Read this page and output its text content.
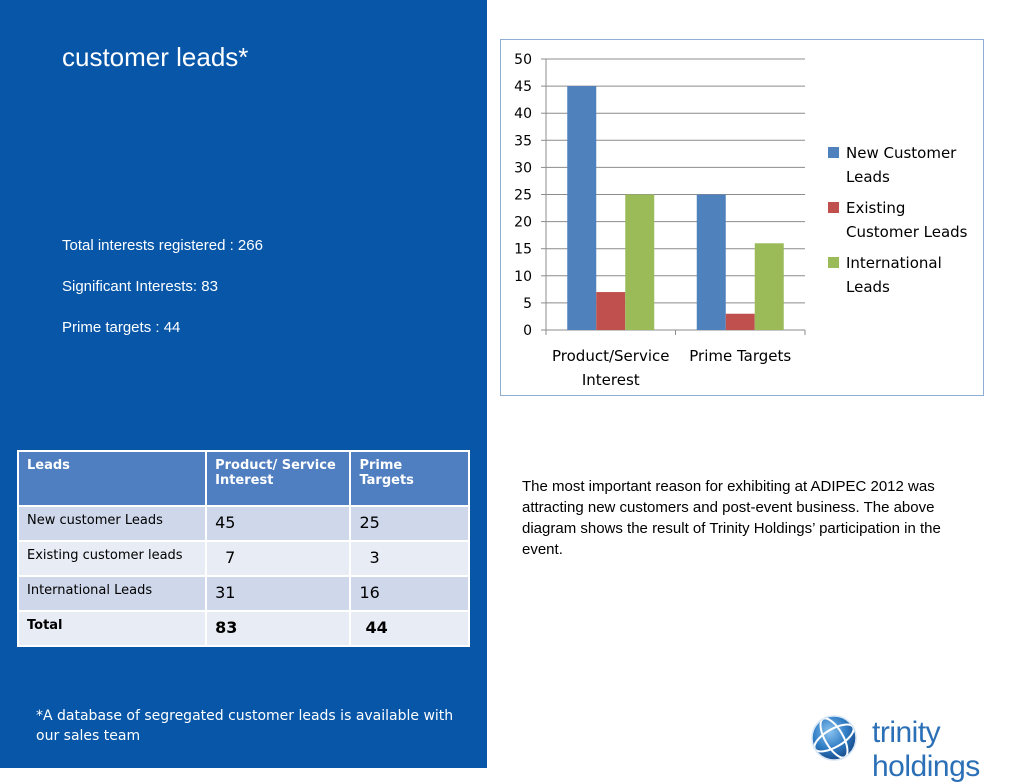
customer leads*
Total interests registered : 266
Significant Interests: 83
Prime targets : 44
Leads	Product/ Service Interest	Prime Targets
New customer Leads	45	25
Existing customer leads	7	3
International Leads	31	16
Total	83	44
*A database of segregated customer leads is available with our sales team
0
5
10
15
20
25
30
35
40
45
50
Product/Service
Interest
Prime Targets
New Customer
Leads
Existing
Customer Leads
International
Leads
The most important reason for exhibiting at ADIPEC 2012 was attracting new customers and post-event business. The above diagram shows the result of Trinity Holdings’ participation in the event.
trinity holdings
